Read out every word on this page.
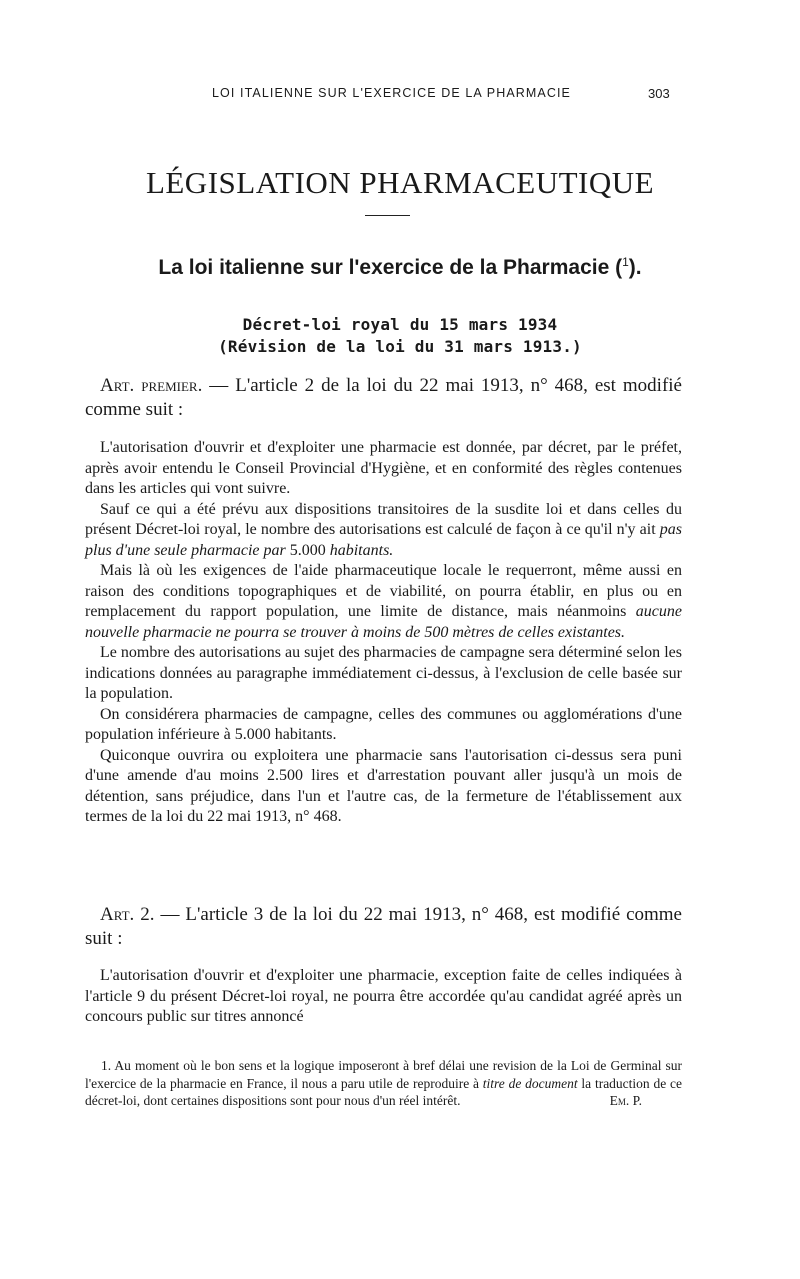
LOI ITALIENNE SUR L'EXERCICE DE LA PHARMACIE	303
LÉGISLATION PHARMACEUTIQUE
La loi italienne sur l'exercice de la Pharmacie ($^1$).
Décret-loi royal du 15 mars 1934
(Révision de la loi du 31 mars 1913.)

Art. premier. — L'article 2 de la loi du 22 mai 1913, n° 468, est modifié comme suit :

L'autorisation d'ouvrir et d'exploiter une pharmacie est donnée, par décret, par le préfet, après avoir entendu le Conseil Provincial d'Hygiène, et en conformité des règles contenues dans les articles qui vont suivre.

Sauf ce qui a été prévu aux dispositions transitoires de la susdite loi et dans celles du présent Décret-loi royal, le nombre des autorisations est calculé de façon à ce qu'il n'y ait pas plus d'une seule pharmacie par 5.000 habitants.

Mais là où les exigences de l'aide pharmaceutique locale le requerront, même aussi en raison des conditions topographiques et de viabilité, on pourra établir, en plus ou en remplacement du rapport population, une limite de distance, mais néanmoins aucune nouvelle pharmacie ne pourra se trouver à moins de 500 mètres de celles existantes.

Le nombre des autorisations au sujet des pharmacies de campagne sera déterminé selon les indications données au paragraphe immédiatement ci-dessus, à l'exclusion de celle basée sur la population.

On considérera pharmacies de campagne, celles des communes ou agglomérations d'une population inférieure à 5.000 habitants.

Quiconque ouvrira ou exploitera une pharmacie sans l'autorisation ci-dessus sera puni d'une amende d'au moins 2.500 lires et d'arrestation pouvant aller jusqu'à un mois de détention, sans préjudice, dans l'un et l'autre cas, de la fermeture de l'établissement aux termes de la loi du 22 mai 1913, n° 468.

Art. 2. — L'article 3 de la loi du 22 mai 1913, n° 468, est modifié comme suit :

L'autorisation d'ouvrir et d'exploiter une pharmacie, exception faite de celles indiquées à l'article 9 du présent Décret-loi royal, ne pourra être accordée qu'au candidat agréé après un concours public sur titres annoncé

1. Au moment où le bon sens et la logique imposeront à bref délai une revision de la Loi de Germinal sur l'exercice de la pharmacie en France, il nous a paru utile de reproduire à titre de document la traduction de ce décret-loi, dont certaines dispositions sont pour nous d'un réel intérêt.	Em. P.
